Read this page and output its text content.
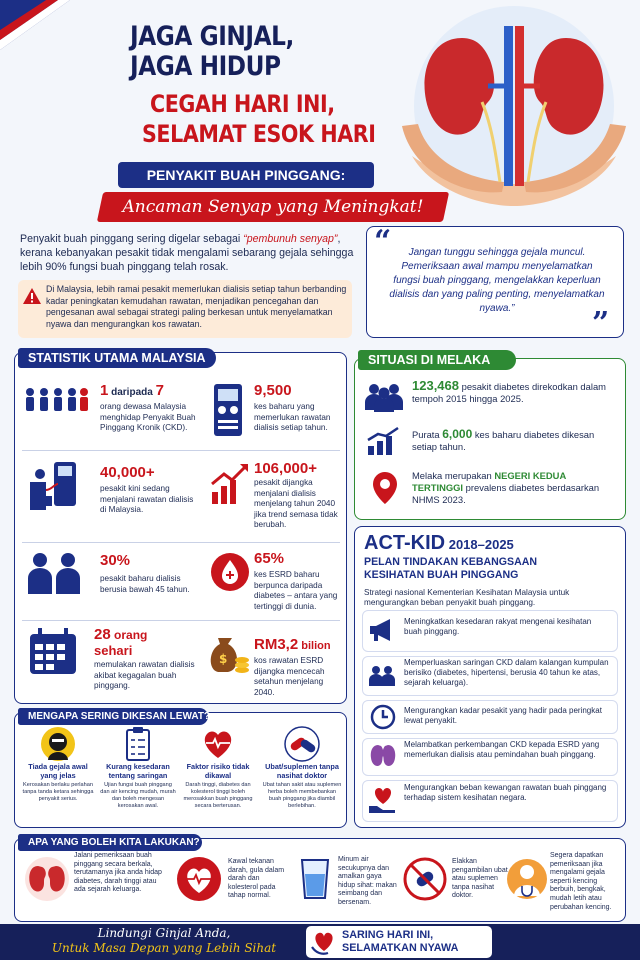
JAGA GINJAL,
JAGA HIDUP
CEGAH HARI INI,
SELAMAT ESOK HARI
PENYAKIT BUAH PINGGANG:
Ancaman Senyap yang Meningkat!
Penyakit buah pinggang sering digelar sebagai “pembunuh senyap”, kerana kebanyakan pesakit tidak mengalami sebarang gejala sehingga lebih 90% fungsi buah pinggang telah rosak.
Di Malaysia, lebih ramai pesakit memerlukan dialisis setiap tahun berbanding kadar peningkatan kemudahan rawatan, menjadikan pencegahan dan pengesanan awal sebagai strategi paling berkesan untuk menyelamatkan nyawa dan mengurangkan kos rawatan.
“
”
Jangan tunggu sehingga gejala muncul. Pemeriksaan awal mampu menyelamatkan fungsi buah pinggang, mengelakkan keperluan dialisis dan yang paling penting, menyelamatkan nyawa.”
STATISTIK UTAMA MALAYSIA
1 daripada 7
orang dewasa Malaysia menghidap Penyakit Buah Pinggang Kronik (CKD).
9,500
kes baharu yang memerlukan rawatan dialisis setiap tahun.
40,000+
pesakit kini sedang menjalani rawatan dialisis di Malaysia.
106,000+
pesakit dijangka menjalani dialisis menjelang tahun 2040 jika trend semasa tidak berubah.
30%
pesakit baharu dialisis berusia bawah 45 tahun.
65%
kes ESRD baharu berpunca daripada diabetes – antara yang tertinggi di dunia.
28 orang
sehari
memulakan rawatan dialisis akibat kegagalan buah pinggang.
$
RM3,2 bilion
kos rawatan ESRD dijangka mencecah setahun menjelang 2040.
SITUASI DI MELAKA
123,468 pesakit diabetes direkodkan dalam tempoh 2015 hingga 2025.
Purata 6,000 kes baharu diabetes dikesan setiap tahun.
Melaka merupakan NEGERI KEDUA TERTINGGI prevalens diabetes berdasarkan NHMS 2023.
ACT-KID 2018–2025
PELAN TINDAKAN KEBANGSAAN
KESIHATAN BUAH PINGGANG
Strategi nasional Kementerian Kesihatan Malaysia untuk mengurangkan beban penyakit buah pinggang.
Meningkatkan kesedaran rakyat mengenai kesihatan buah pinggang.
Memperluaskan saringan CKD dalam kalangan kumpulan berisiko (diabetes, hipertensi, berusia 40 tahun ke atas, sejarah keluarga).
Mengurangkan kadar pesakit yang hadir pada peringkat lewat penyakit.
Melambatkan perkembangan CKD kepada ESRD yang memerlukan dialisis atau pemindahan buah pinggang.
Mengurangkan beban kewangan rawatan buah pinggang terhadap sistem kesihatan negara.
MENGAPA SERING DIKESAN LEWAT?
Tiada gejala awal yang jelas
Kerosakan berlaku perlahan tanpa tanda ketara sehingga penyakit serius.
Kurang kesedaran tentang saringan
Ujian fungsi buah pinggang dan air kencing mudah, murah dan boleh mengesan kerosakan awal.
Faktor risiko tidak dikawal
Darah tinggi, diabetes dan kolesterol tinggi boleh merosakkan buah pinggang secara berterusan.
Ubat/suplemen tanpa nasihat doktor
Ubat tahan sakit atau suplemen herba boleh membebankan buah pinggang jika diambil berlebihan.
APA YANG BOLEH KITA LAKUKAN?
Jalani pemeriksaan buah pinggang secara berkala, terutamanya jika anda hidap diabetes, darah tinggi atau ada sejarah keluarga.
Kawal tekanan darah, gula dalam darah dan kolesterol pada tahap normal.
Minum air secukupnya dan amalkan gaya hidup sihat: makan seimbang dan bersenam.
Elakkan pengambilan ubat atau suplemen tanpa nasihat doktor.
Segera dapatkan pemeriksaan jika mengalami gejala seperti kencing berbuih, bengkak, mudah letih atau perubahan kencing.
Lindungi Ginjal Anda,
Untuk Masa Depan yang Lebih Sihat
SARING HARI INI,
SELAMATKAN NYAWA
